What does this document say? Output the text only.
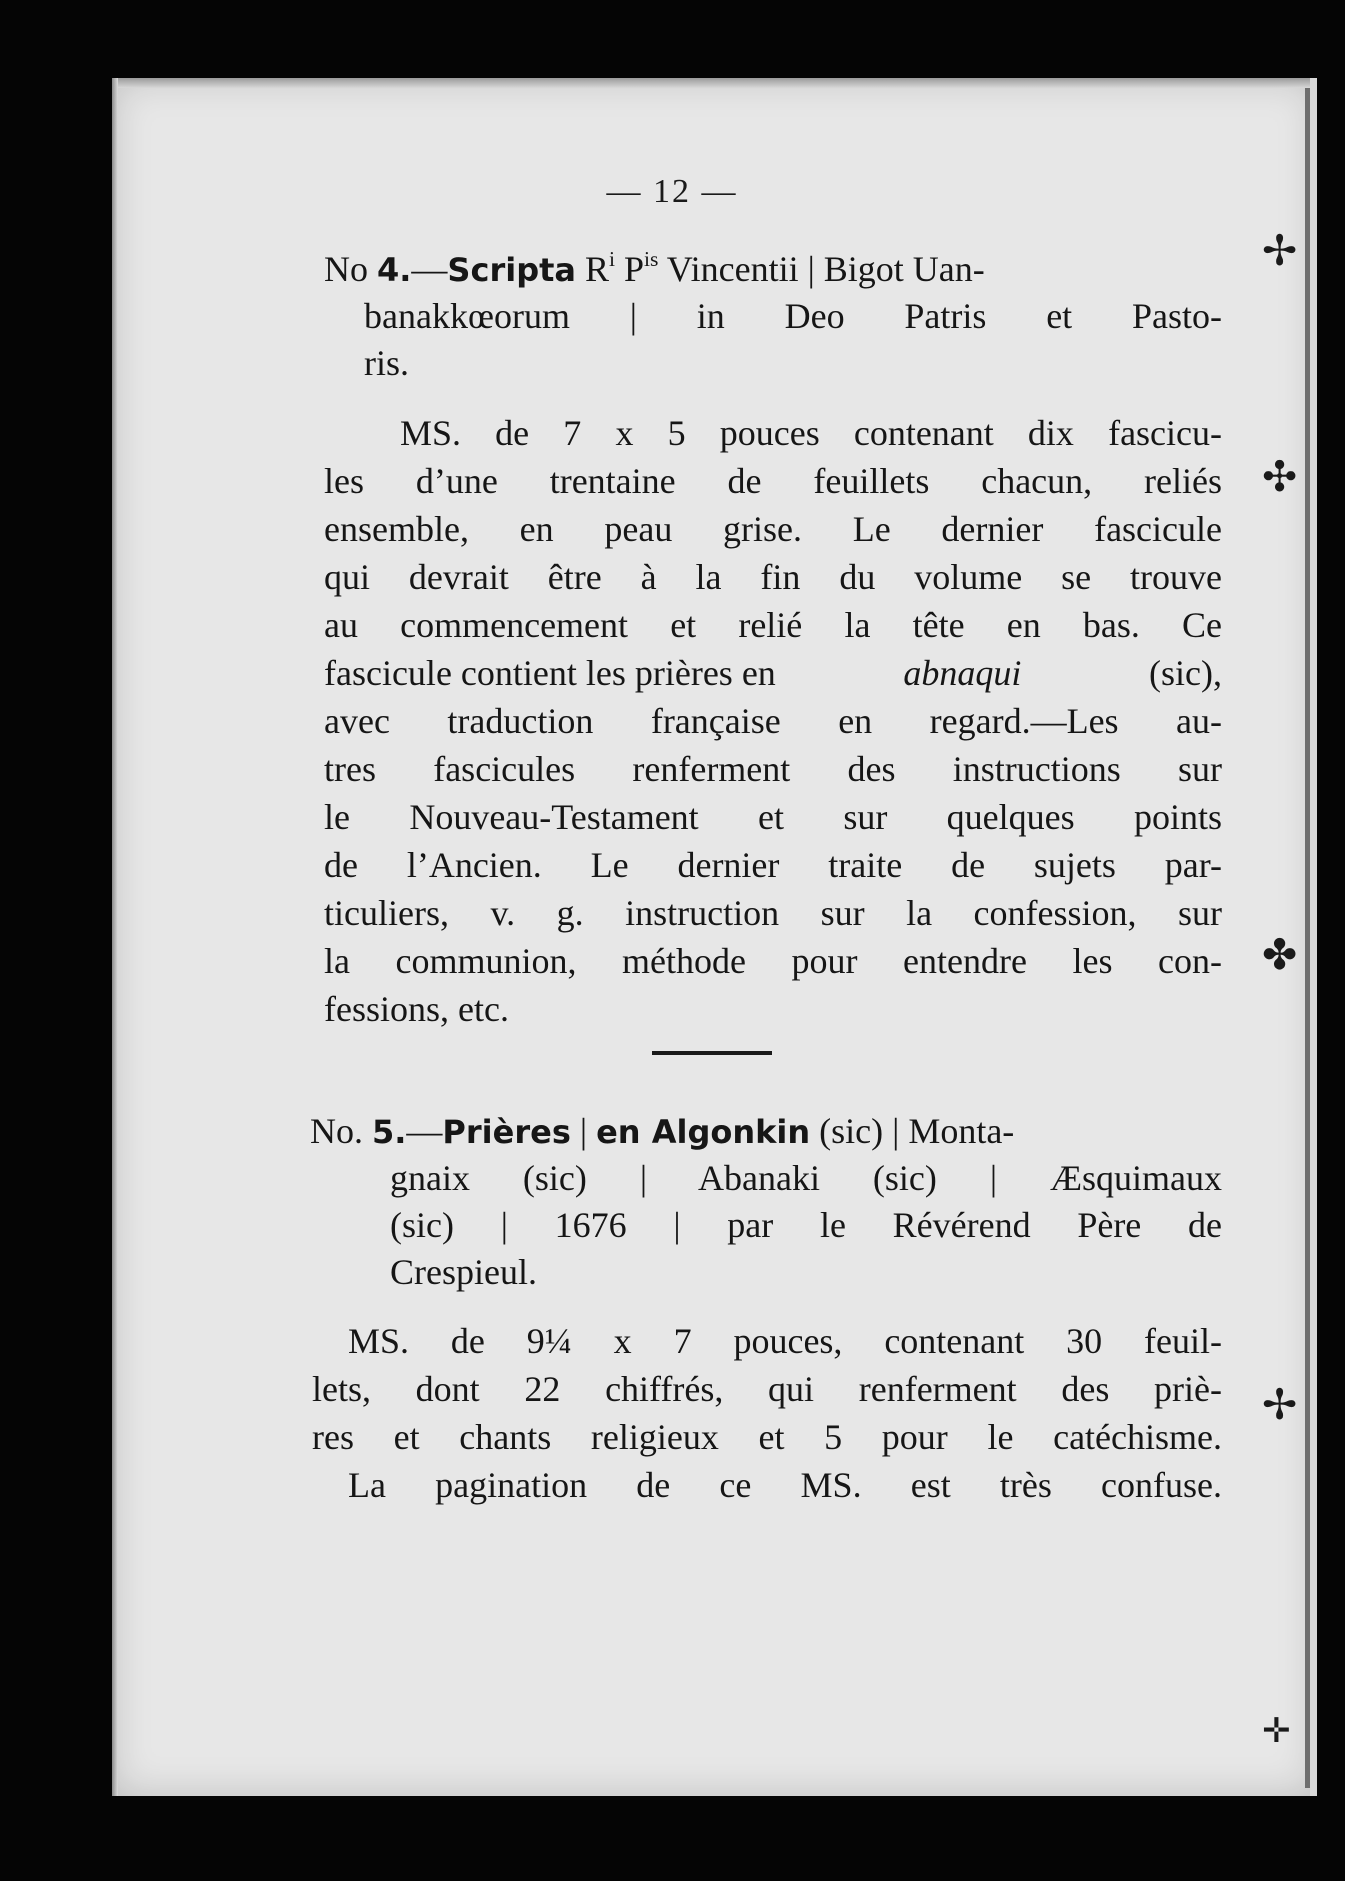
✢
✣
✤
✢
✛
— 12 —
No 4.—Scripta $R^i$ $P^{is}$ Vincentii | Bigot Uan-
banakkœorum | in Deo Patris et Pasto-
ris.
MS. de 7 x 5 pouces contenant dix fascicu-
les d’une trentaine de feuillets chacun, reliés
ensemble, en peau grise. Le dernier fascicule
qui devrait être à la fin du volume se trouve
au commencement et relié la tête en bas. Ce
fascicule contient les prières en	abnaqui	(sic),
avec traduction française en regard.—Les au-
tres fascicules renferment des instructions sur
le Nouveau-Testament et sur quelques points
de l’Ancien. Le dernier traite de sujets par-
ticuliers, v. g. instruction sur la confession, sur
la communion, méthode pour entendre les con-
fessions, etc.
No. 5.—Prières | en Algonkin (sic) | Monta-
gnaix (sic) | Abanaki (sic) | Æsquimaux
(sic) | 1676 | par le Révérend Père de
Crespieul.
MS. de 9¼ x 7 pouces, contenant 30 feuil-
lets, dont 22 chiffrés, qui renferment des priè-
res et chants religieux et 5 pour le catéchisme.
La pagination de ce MS. est très confuse.
